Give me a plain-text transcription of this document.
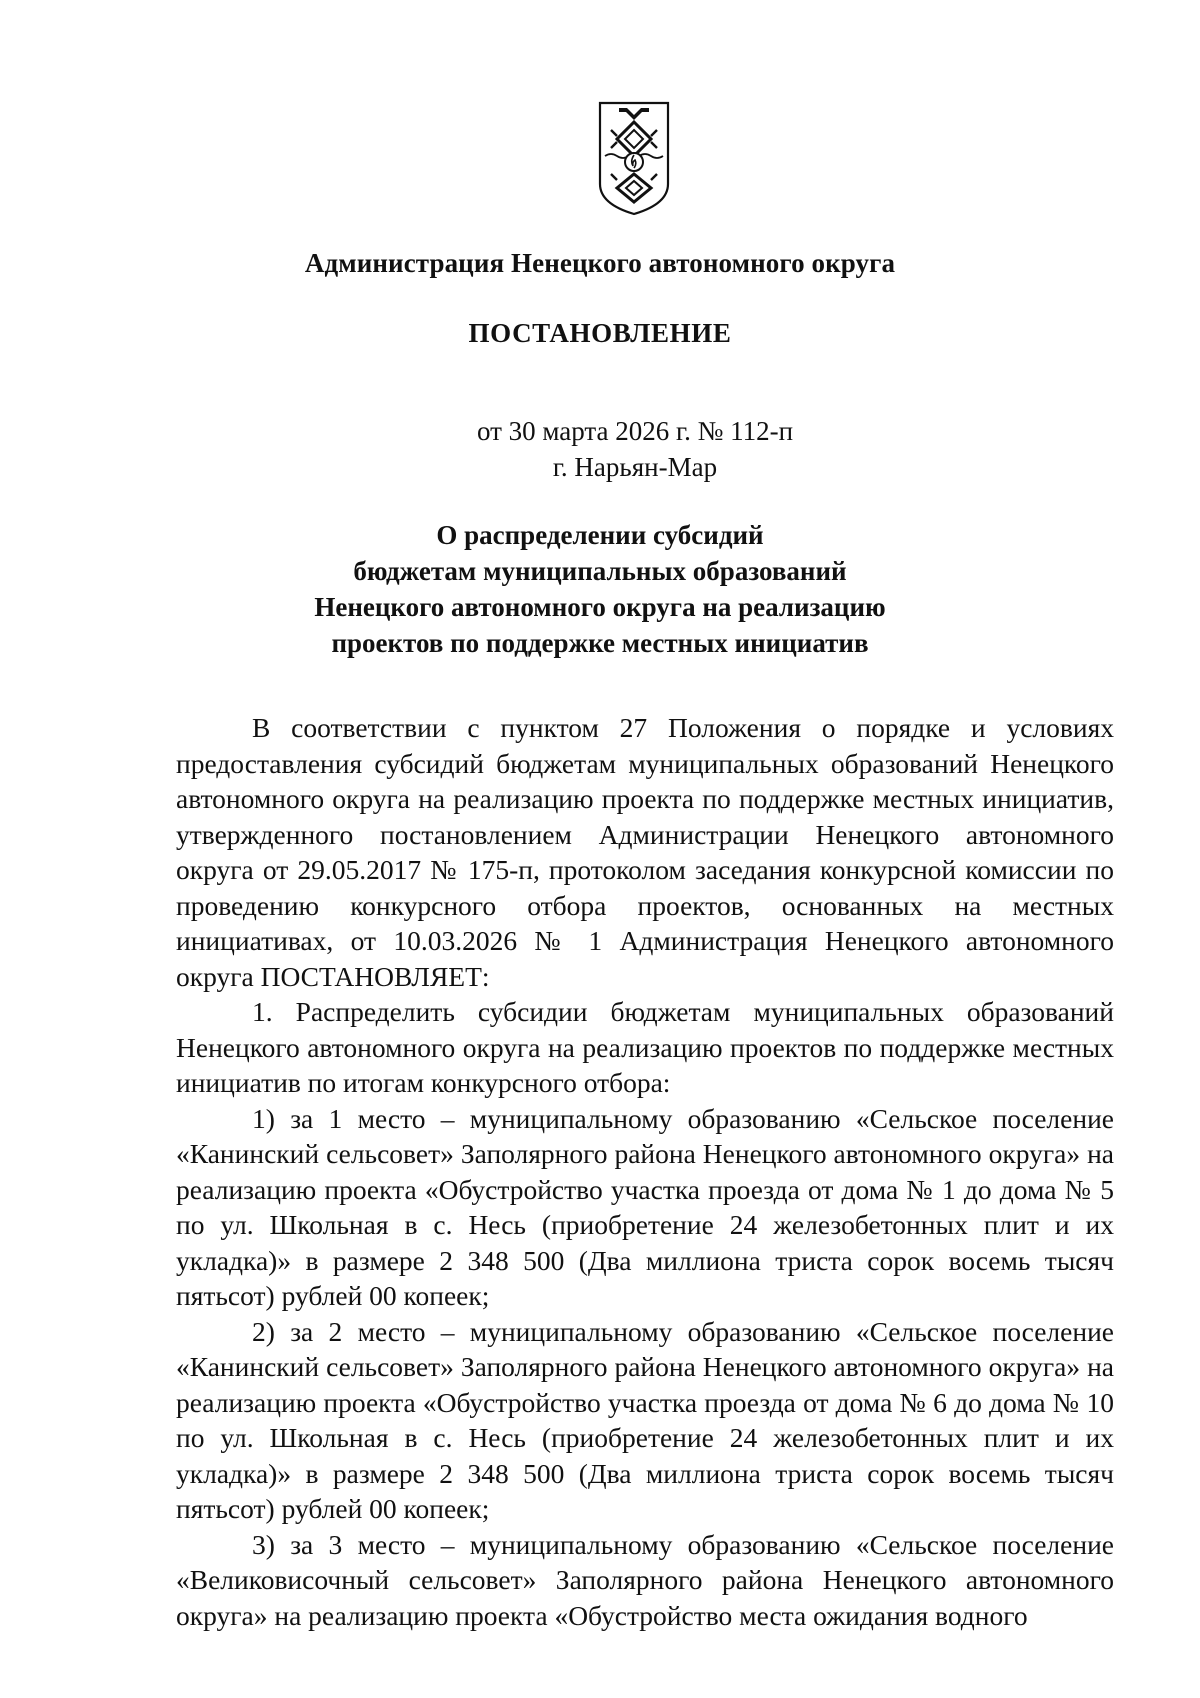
Администрация Ненецкого автономного округа
ПОСТАНОВЛЕНИЕ
от 30 марта 2026 г. № 112-п
г. Нарьян-Мар
О распределении субсидий
бюджетам муниципальных образований
Ненецкого автономного округа на реализацию
проектов по поддержке местных инициатив

В соответствии с пунктом 27 Положения о порядке и условиях предоставления субсидий бюджетам муниципальных образований Ненецкого автономного округа на реализацию проекта по поддержке местных инициатив, утвержденного постановлением Администрации Ненецкого автономного округа от 29.05.2017 № 175-п, протоколом заседания конкурсной комиссии по проведению конкурсного отбора проектов, основанных на местных инициативах, от 10.03.2026 № 1 Администрация Ненецкого автономного округа ПОСТАНОВЛЯЕТ:

1. Распределить субсидии бюджетам муниципальных образований Ненецкого автономного округа на реализацию проектов по поддержке местных инициатив по итогам конкурсного отбора:

1) за 1 место – муниципальному образованию «Сельское поселение «Канинский сельсовет» Заполярного района Ненецкого автономного округа» на реализацию проекта «Обустройство участка проезда от дома № 1 до дома № 5 по ул. Школьная в с. Несь (приобретение 24 железобетонных плит и их укладка)» в размере 2 348 500 (Два миллиона триста сорок восемь тысяч пятьсот) рублей 00 копеек;

2) за 2 место – муниципальному образованию «Сельское поселение «Канинский сельсовет» Заполярного района Ненецкого автономного округа» на реализацию проекта «Обустройство участка проезда от дома № 6 до дома № 10 по ул. Школьная в с. Несь (приобретение 24 железобетонных плит и их укладка)» в размере 2 348 500 (Два миллиона триста сорок восемь тысяч пятьсот) рублей 00 копеек;

3) за 3 место – муниципальному образованию «Сельское поселение «Великовисочный сельсовет» Заполярного района Ненецкого автономного округа» на реализацию проекта «Обустройство места ожидания водного
